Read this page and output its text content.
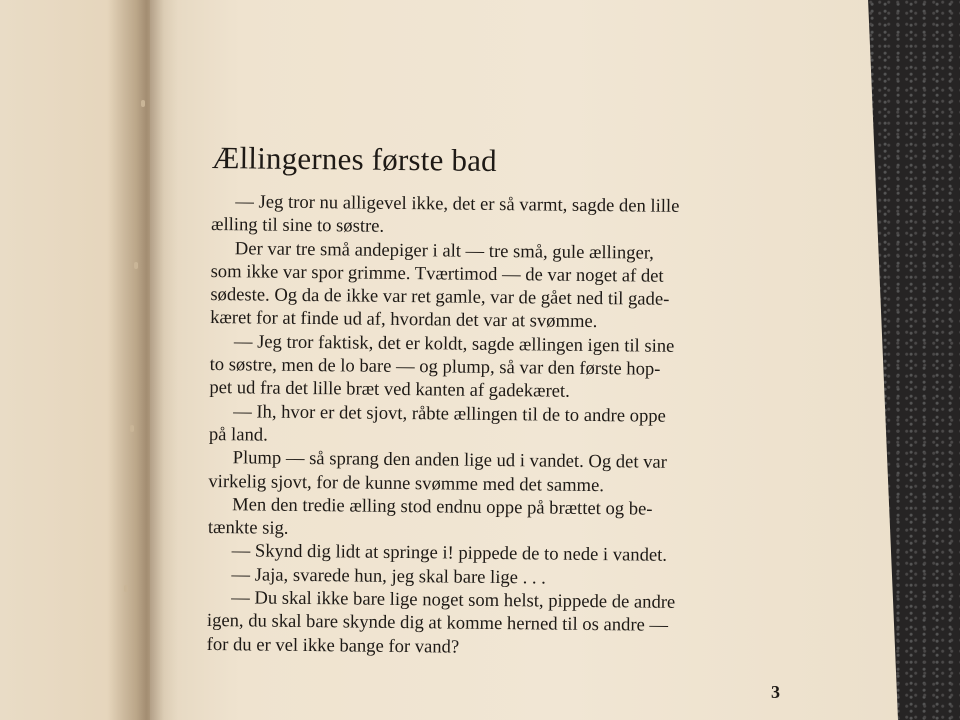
Ællingernes første bad

— Jeg tror nu alligevel ikke, det er så varmt, sagde den lille
ælling til sine to søstre.

Der var tre små andepiger i alt — tre små, gule ællinger,
som ikke var spor grimme. Tværtimod — de var noget af det
sødeste. Og da de ikke var ret gamle, var de gået ned til gade-
kæret for at finde ud af, hvordan det var at svømme.

— Jeg tror faktisk, det er koldt, sagde ællingen igen til sine
to søstre, men de lo bare — og plump, så var den første hop-
pet ud fra det lille bræt ved kanten af gadekæret.

— Ih, hvor er det sjovt, råbte ællingen til de to andre oppe
på land.

Plump — så sprang den anden lige ud i vandet. Og det var
virkelig sjovt, for de kunne svømme med det samme.

Men den tredie ælling stod endnu oppe på brættet og be-
tænkte sig.

— Skynd dig lidt at springe i! pippede de to nede i vandet.

— Jaja, svarede hun, jeg skal bare lige . . .

— Du skal ikke bare lige noget som helst, pippede de andre
igen, du skal bare skynde dig at komme herned til os andre —
for du er vel ikke bange for vand?

3
